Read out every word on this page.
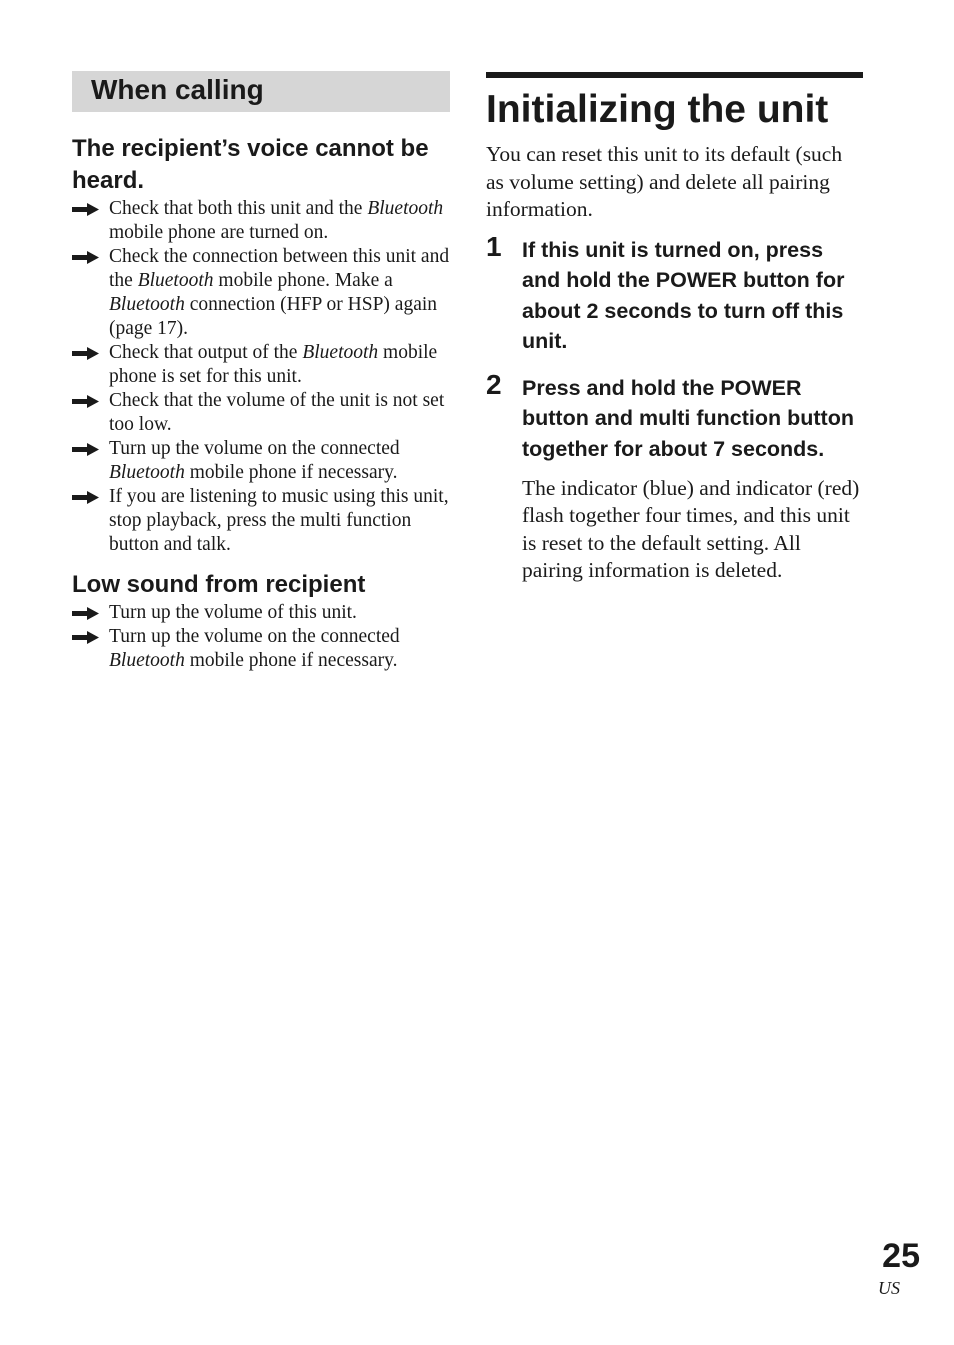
When calling
The recipient’s voice cannot be heard.
Check that both this unit and the Bluetooth mobile phone are turned on.
Check the connection between this unit and the Bluetooth mobile phone. Make a Bluetooth connection (HFP or HSP) again (page 17).
Check that output of the Bluetooth mobile phone is set for this unit.
Check that the volume of the unit is not set too low.
Turn up the volume on the connected Bluetooth mobile phone if necessary.
If you are listening to music using this unit, stop playback, press the multi function button and talk.
Low sound from recipient
Turn up the volume of this unit.
Turn up the volume on the connected Bluetooth mobile phone if necessary.
Initializing the unit

You can reset this unit to its default (such as volume setting) and delete all pairing information.

1 If this unit is turned on, press and hold the POWER button for about 2 seconds to turn off this unit.
2 Press and hold the POWER button and multi function button together for about 7 seconds.

The indicator (blue) and indicator (red) flash together four times, and this unit is reset to the default setting. All pairing information is deleted.

25
US
